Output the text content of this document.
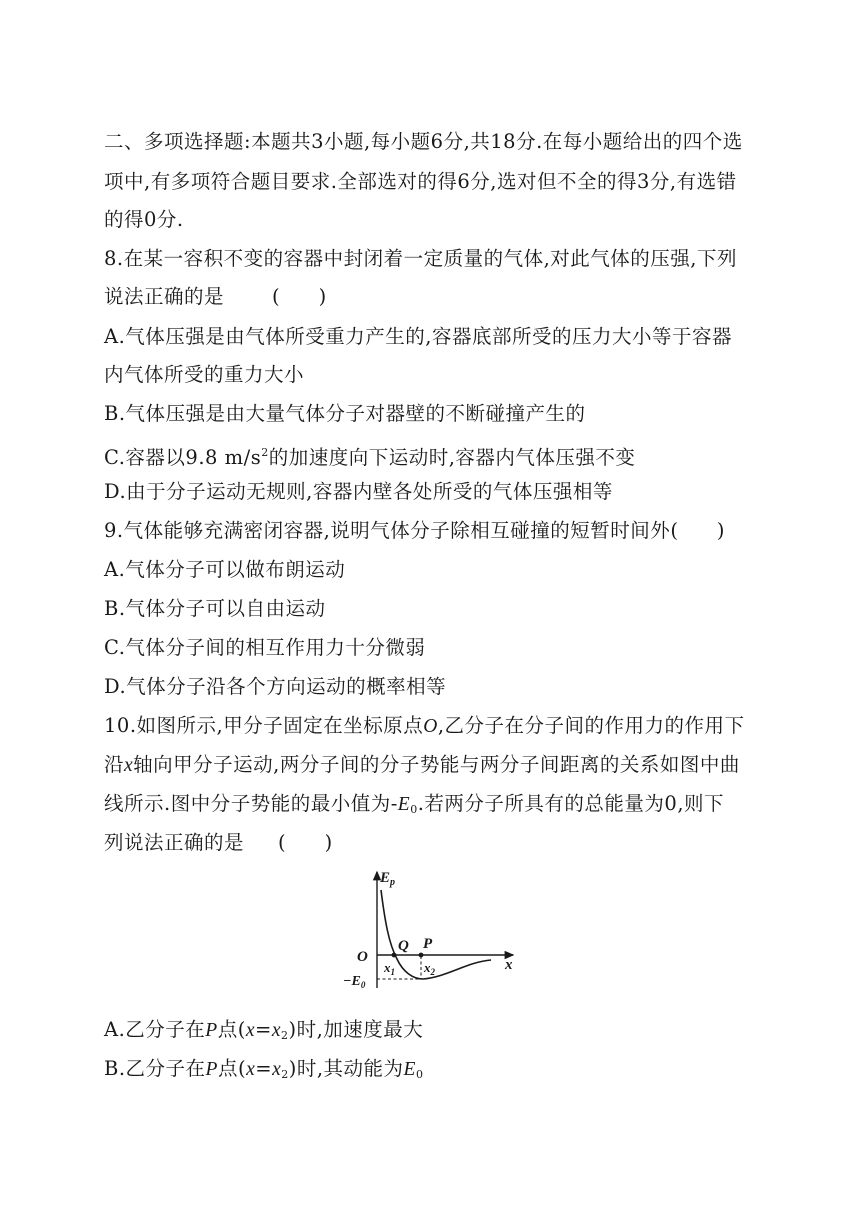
二、多项选择题:本题共3小题,每小题6分,共18分.在每小题给出的四个选
项中,有多项符合题目要求.全部选对的得6分,选对但不全的得3分,有选错
的得0分.
8.在某一容积不变的容器中封闭着一定质量的气体,对此气体的压强,下列
说法正确的是 (　　)
A.气体压强是由气体所受重力产生的,容器底部所受的压力大小等于容器
内气体所受的重力大小
B.气体压强是由大量气体分子对器壁的不断碰撞产生的
C.容器以9.8 $m/s^2$的加速度向下运动时,容器内气体压强不变
D.由于分子运动无规则,容器内壁各处所受的气体压强相等
9.气体能够充满密闭容器,说明气体分子除相互碰撞的短暂时间外(　　)
A.气体分子可以做布朗运动
B.气体分子可以自由运动
C.气体分子间的相互作用力十分微弱
D.气体分子沿各个方向运动的概率相等
10.如图所示,甲分子固定在坐标原点O,乙分子在分子间的作用力的作用下
沿x轴向甲分子运动,两分子间的分子势能与两分子间距离的关系如图中曲
线所示.图中分子势能的最小值为$-E_0$.若两分子所具有的总能量为0,则下
列说法正确的是 (　　)
$E_p$
O
Q P
x
$x_1$ $x_2$
$-E_0$
A.乙分子在P点$(x=x_2)$时,加速度最大
B.乙分子在P点$(x=x_2)$时,其动能为$E_0$
